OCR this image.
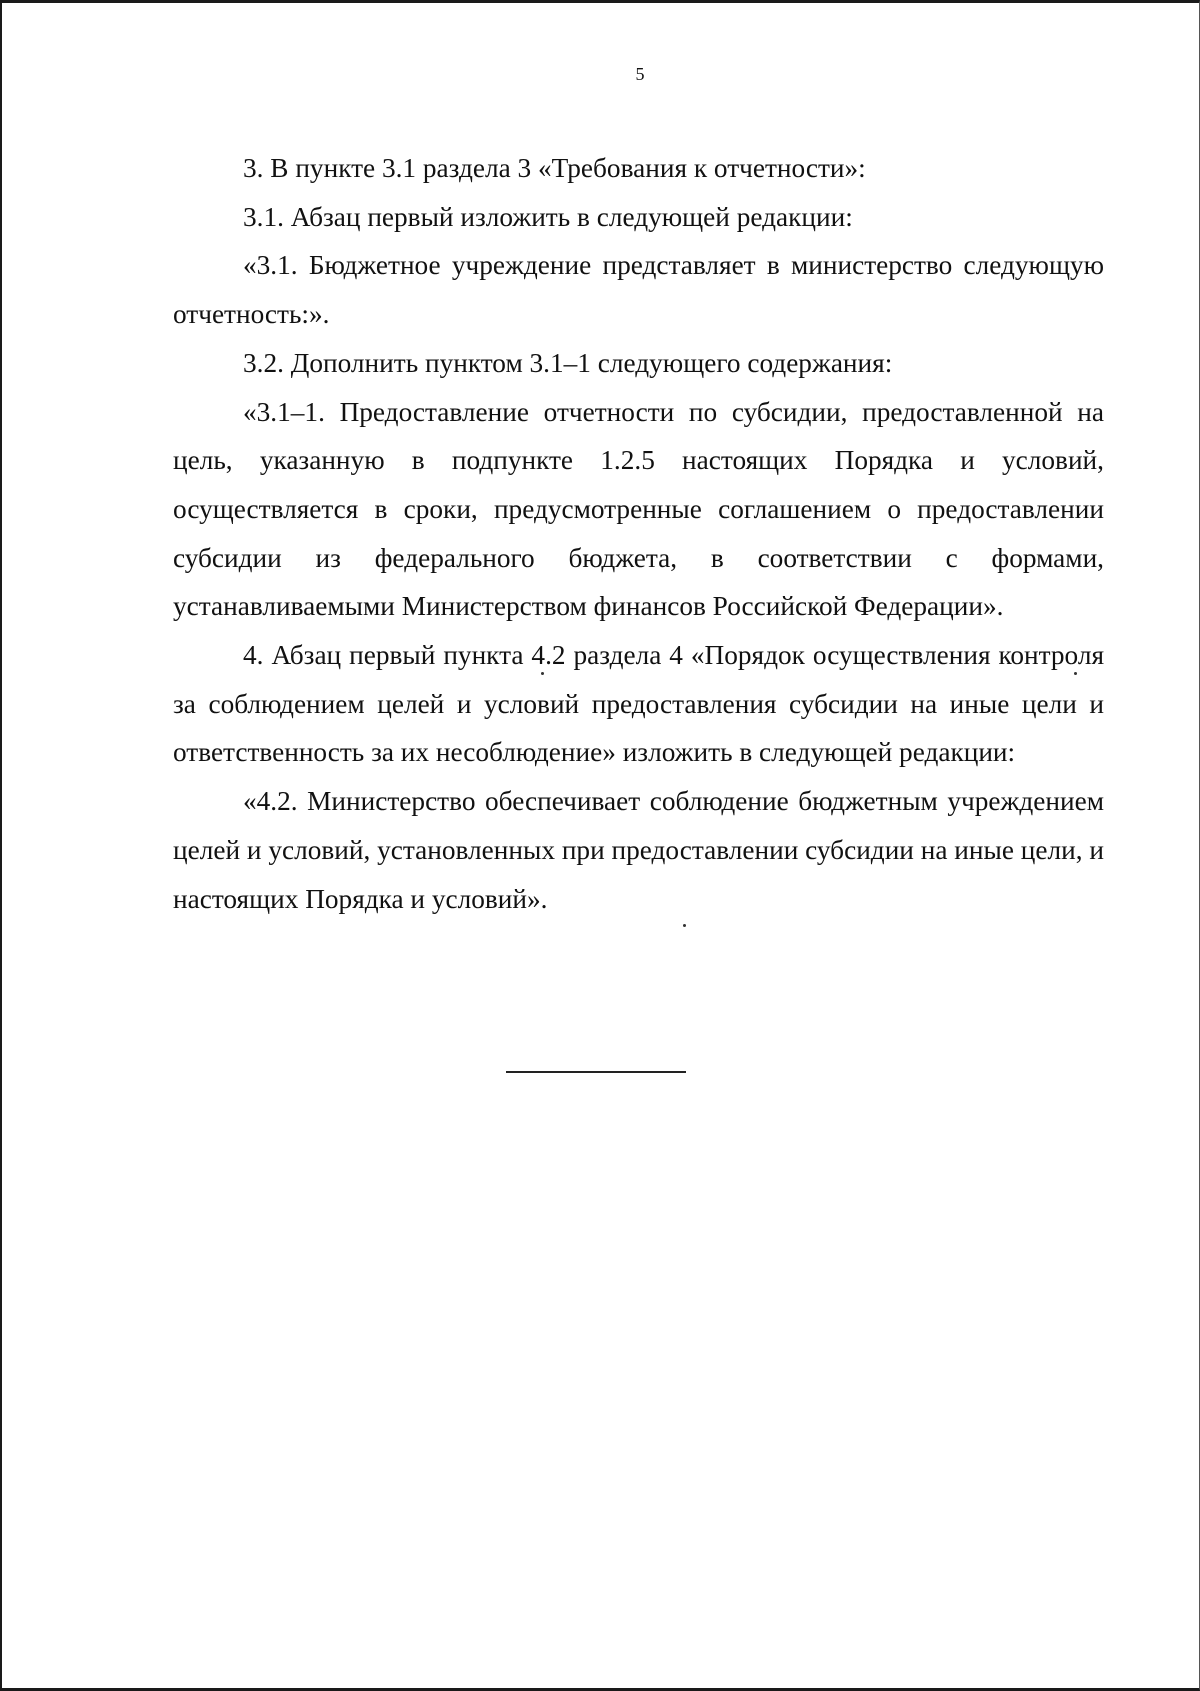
5

3. В пункте 3.1 раздела 3 «Требования к отчетности»:

3.1. Абзац первый изложить в следующей редакции:

«3.1. Бюджетное учреждение представляет в министерство следующую отчетность:».

3.2. Дополнить пунктом 3.1–1 следующего содержания:

«3.1–1. Предоставление отчетности по субсидии, предоставленной на цель, указанную в подпункте 1.2.5 настоящих Порядка и условий, осуществляется в сроки, предусмотренные соглашением о предоставлении субсидии из федерального бюджета, в соответствии с формами, устанавливаемыми Министерством финансов Российской Федерации».

4. Абзац первый пункта 4.2 раздела 4 «Порядок осуществления контроля за соблюдением целей и условий предоставления субсидии на иные цели и ответственность за их несоблюдение» изложить в следующей редакции:

«4.2. Министерство обеспечивает соблюдение бюджетным учреждением целей и условий, установленных при предоставлении субсидии на иные цели, и настоящих Порядка и условий».
